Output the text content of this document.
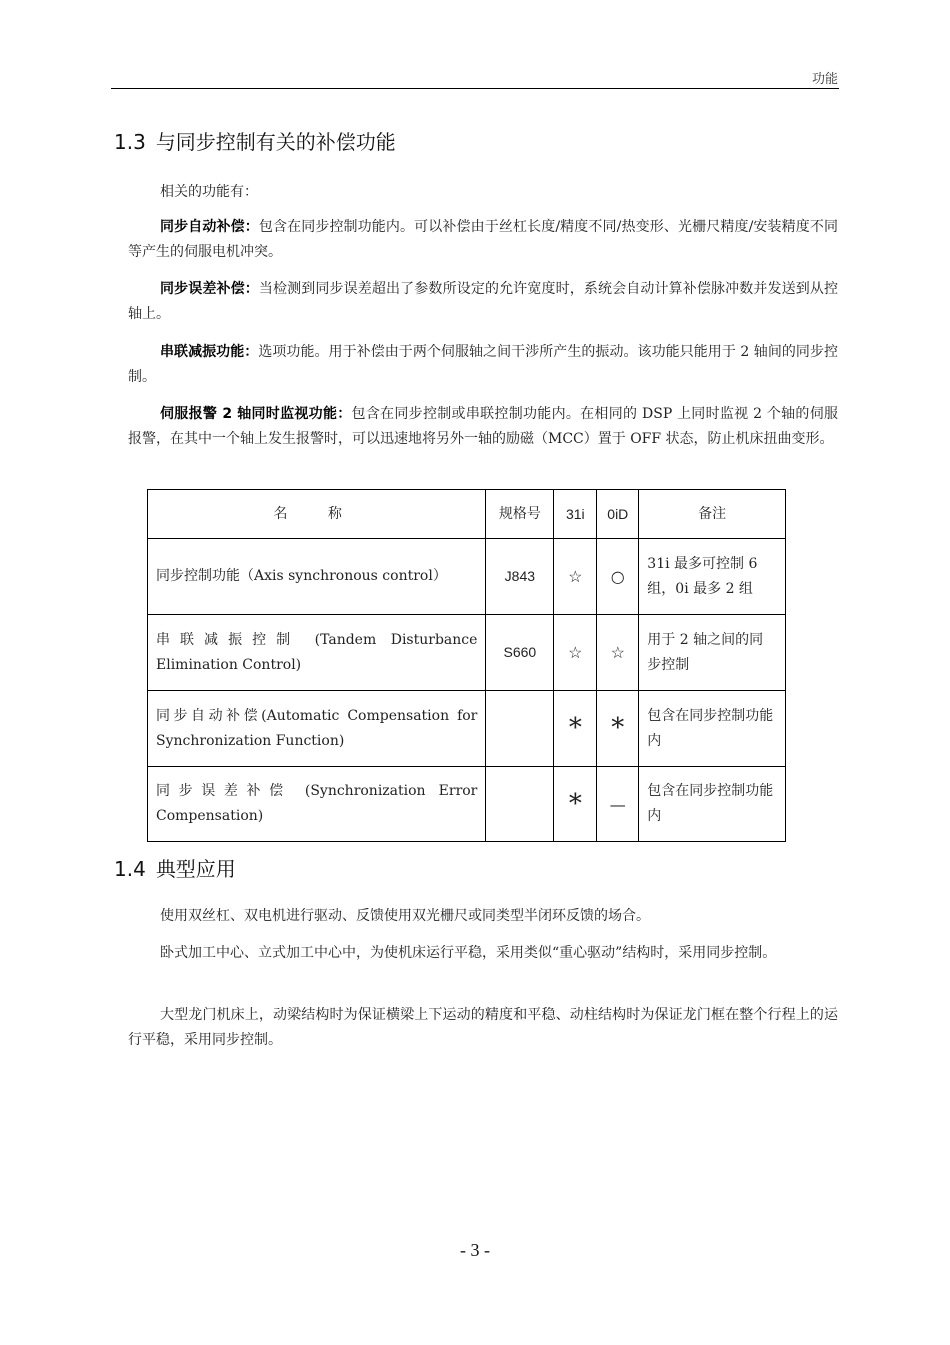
功能
1.3 与同步控制有关的补偿功能

相关的功能有：

同步自动补偿：包含在同步控制功能内。可以补偿由于丝杠长度/精度不同/热变形、光栅尺精度/安装精度不同等产生的伺服电机冲突。

同步误差补偿：当检测到同步误差超出了参数所设定的允许宽度时，系统会自动计算补偿脉冲数并发送到从控轴上。

串联减振功能：选项功能。用于补偿由于两个伺服轴之间干涉所产生的振动。该功能只能用于 2 轴间的同步控制。

伺服报警 2 轴同时监视功能：包含在同步控制或串联控制功能内。在相同的 DSP 上同时监视 2 个轴的伺服报警，在其中一个轴上发生报警时，可以迅速地将另外一轴的励磁（MCC）置于 OFF 状态，防止机床扭曲变形。

名 称	规格号	31i	0iD	备注
同步控制功能（Axis synchronous control）	J843	☆	○	31i 最多可控制 6 组，0i 最多 2 组
串联减振控制 (Tandem Disturbance Elimination Control)	S660	☆	☆	用于 2 轴之间的同步控制
同步自动补偿(Automatic Compensation for Synchronization Function)		*	*	包含在同步控制功能内
同步误差补偿 (Synchronization Error Compensation)		*	—	包含在同步控制功能内
1.4 典型应用

使用双丝杠、双电机进行驱动、反馈使用双光栅尺或同类型半闭环反馈的场合。

卧式加工中心、立式加工中心中，为使机床运行平稳，采用类似“重心驱动”结构时，采用同步控制。

大型龙门机床上，动梁结构时为保证横梁上下运动的精度和平稳、动柱结构时为保证龙门框在整个行程上的运行平稳，采用同步控制。

- 3 -
